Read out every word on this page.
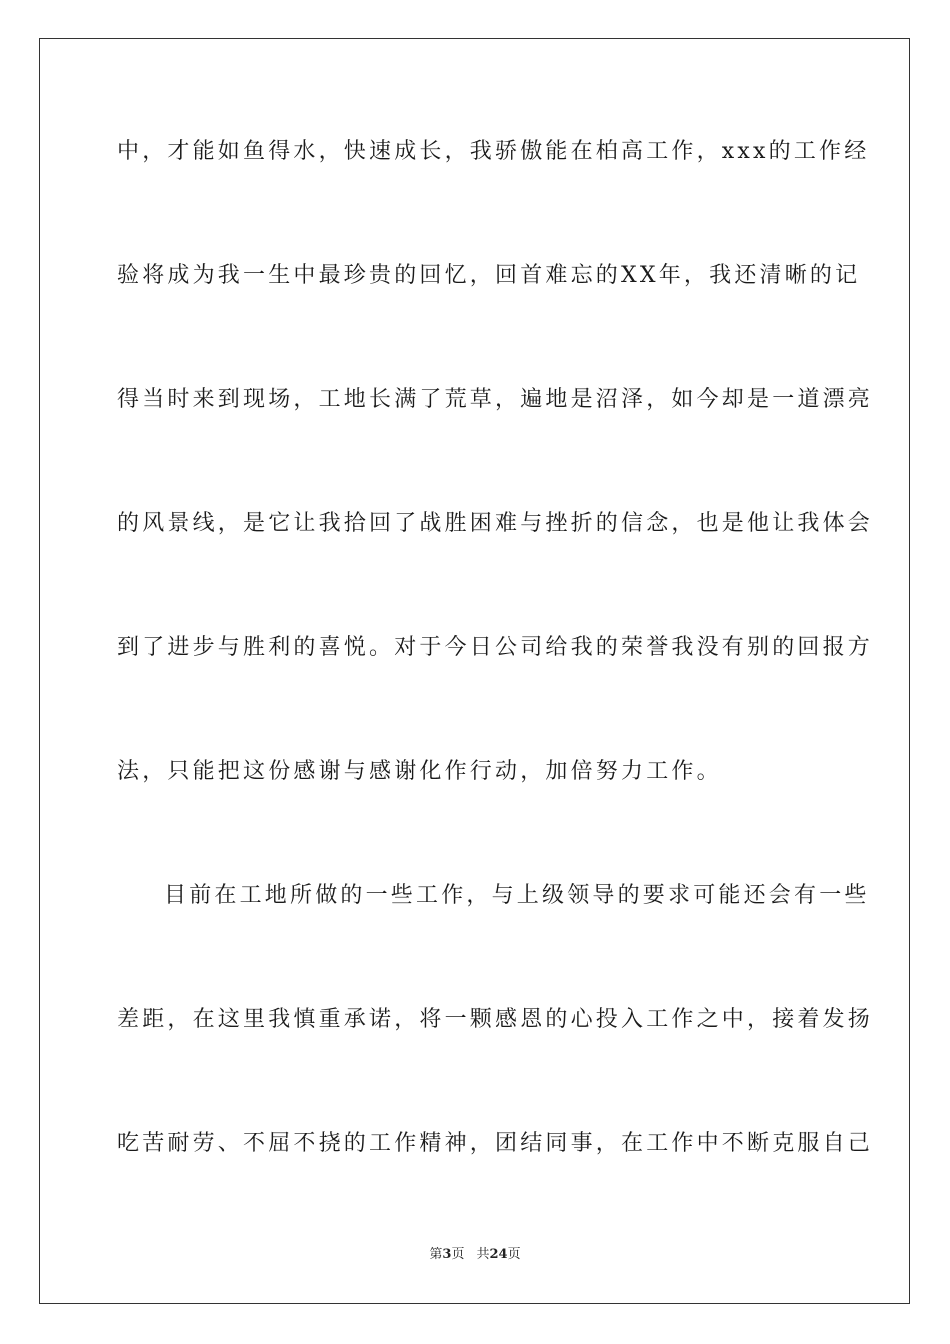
中，才能如鱼得水，快速成长，我骄傲能在柏高工作，xxx的工作经
验将成为我一生中最珍贵的回忆，回首难忘的XX年，我还清晰的记
得当时来到现场，工地长满了荒草，遍地是沼泽，如今却是一道漂亮
的风景线，是它让我拾回了战胜困难与挫折的信念，也是他让我体会
到了进步与胜利的喜悦。对于今日公司给我的荣誉我没有别的回报方
法，只能把这份感谢与感谢化作行动，加倍努力工作。
目前在工地所做的一些工作，与上级领导的要求可能还会有一些
差距，在这里我慎重承诺，将一颗感恩的心投入工作之中，接着发扬
吃苦耐劳、不屈不挠的工作精神，团结同事，在工作中不断克服自己
第3页 共24页
